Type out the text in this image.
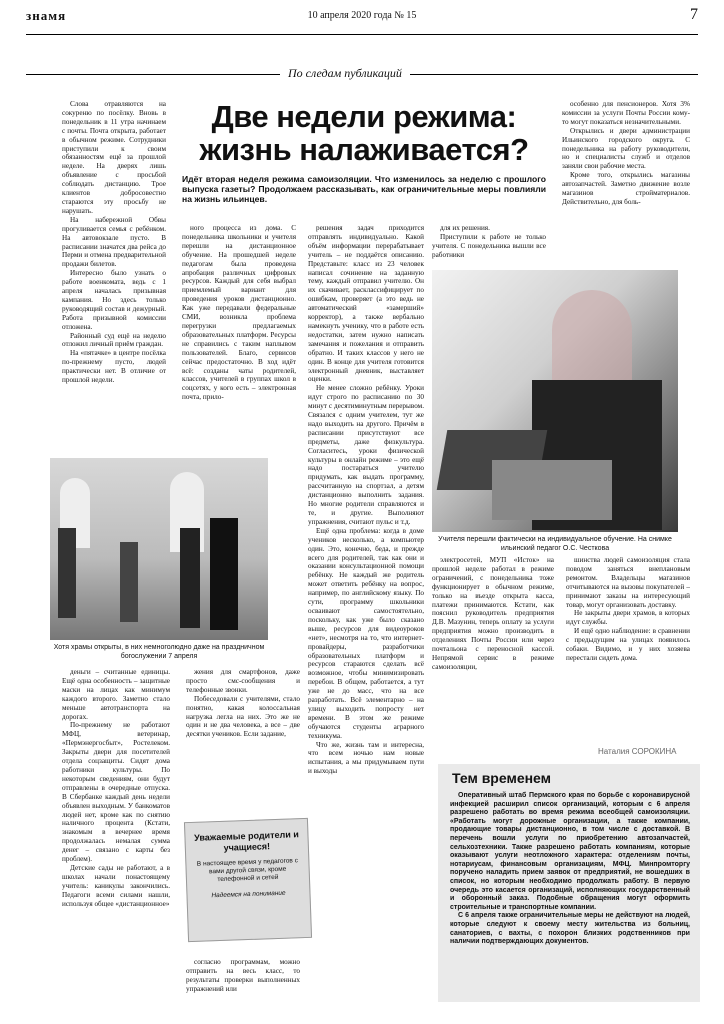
знамя	10 апреля 2020 года № 15	7
По следам публикаций
Две недели режима: жизнь налаживается?
Идёт вторая неделя режима самоизоляции. Что изменилось за неделю с прошлого выпуска газеты? Продолжаем рассказывать, как ограничительные меры повлияли на жизнь ильинцев.

Слова отравляются на сокуреню по посёлку. Вновь в понедельник в 11 утра начинаем с почты. Почта открыта, работает в обычном режиме. Сотрудники приступили к своим обязанностям ещё за прошлой неделе. На дверях лишь объявление с просьбой соблюдать дистанцию. Трое клиентов добросовестно стараются эту просьбу не нарушать.

На набережной Обвы прогуливается семья с ребёнком. На автовокзале пусто. В расписании значатся два рейса до Перми и отмена предварительной продажи билетов.

Интересно было узнать о работе военкомата, ведь с 1 апреля началась призывная кампания. Но здесь только руководящий состав и дежурный. Работа призывной комиссии отложена.

Районный суд ещё на неделю отложил личный приём граждан.

На «пятачке» в центре посёлка по-прежнему пусто, людей практически нет. В отличие от прошлой недели.

ного процесса из дома. С понедельника школьники и учителя перешли на дистанционное обучение. На прошедшей неделе педагогам была проведена апробация различных цифровых ресурсов. Каждый для себя выбрал приемлемый вариант для проведения уроков дистанционно. Как уже передавали федеральные СМИ, возникла проблема перегрузки предлагаемых образовательных платформ. Ресурсы не справились с таким наплывом пользователей. Благо, сервисов сейчас предостаточно. В ход идёт всё: созданы чаты родителей, классов, учителей в группах школ в соцсетях, у кого есть – электронная почта, прило-

решения задач приходится отправлять индивидуально. Какой объём информации перерабатывает учитель – не поддаётся описанию. Представьте: класс из 23 человек написал сочинение на заданную тему, каждый отправил учителю. Он их скачивает, расклассифицирует по ошибкам, проверяет (а это ведь не автоматический «замерший» корректор), а также вербально намекнуть ученику, что в работе есть недостатки, затем нужно написать замечания и пожелания и отправить обратно. И таких классов у него не один. В конце для учителя готовится электронный дневник, выставляет оценки.

Не менее сложно ребёнку. Уроки идут строго по расписанию по 30 минут с десятиминутным перерывом. Связался с одним учителем, тут же надо выходить на другого. Причём в расписании присутствуют все предметы, даже физкультура. Согласитесь, уроки физической культуры в онлайн режиме – это ещё надо постараться учителю придумать, как выдать программу, рассчитанную на спортзал, а детям дистанционно выполнить задания. Но многие родители справляются и те, и другие. Выполняют упражнения, считают пульс и т.д.

Ещё одна проблема: когда в доме учеников несколько, а компьютер один. Это, конечно, беда, и прежде всего для родителей, так как они и оказании консультационной помощи ребёнку. Не каждый же родитель может ответить ребёнку на вопрос, например, по английскому языку. По сути, программу школьники осваивают самостоятельно, поскольку, как уже было сказано выше, ресурсов для видеоуроков «нет», несмотря на то, что интернет-провайдеры, разработчики образовательных платформ и ресурсов стараются сделать всё возможное, чтобы минимизировать перебои. В общем, работается, а тут уже не до масс, что на все разработать. Всё элементарно – на улицу выходить попросту нет времени. В этом же режиме обучаются студенты аграрного техникума.

Что же, жизнь там и интересна, что всем ночью нам новые испытания, а мы придумываем пути и выходы

для их решения.

Приступили к работе не только учителя. С понедельника вышли все работники

особенно для пенсионеров. Хотя 3% комиссии за услуги Почты России кому-то могут показаться незначительными.

Открылись и двери администрации Ильинского городского округа. С понедельника на работу руководители, но и специалисты служб и отделов заняли свои рабочие места.

Кроме того, открылись магазины автозапчастей. Заметно движение возле магазинов стройматериалов. Действительно, для боль-

Учителя перешли фактически на индивидуальное обучение. На снимке ильинский педагог О.С. Честкова
Хотя храмы открыты, в них немноголюдно даже на праздничном богослужении 7 апреля

деньги – считанные единицы. Ещё одна особенность – защитные маски на лицах как минимум каждого второго. Заметно стало меньше автотранспорта на дорогах.

По-прежнему не работают МФЦ, ветеринар, «Пермэнергосбыт», Ростелеком. Закрыты двери для посетителей отдела соцзащиты. Сидят дома работники культуры. По некоторым сведениям, они будут отправлены в очередные отпуска. В Сбербанке каждый день недели объявлен выходным. У банкоматов людей нет, кроме как по снятию наличного процента (Кстати, знакомым в вечернее время продолжалась немалая сумма денег – связано с карты без проблем).

Детские сады не работают, а в школах начали понастоящему учитель: каникулы закончились. Педагоги всеми силами нашли, используя общее «дистанционное»

жения для смартфонов, даже просто смс-сообщения и телефонные звонки.

Побеседовали с учителями, стало понятно, какая колоссальная нагрузка легла на них. Это же не один и не два человека, а все – две десятки учеников. Если задание,

Уважаемые родители и учащиеся!
В настоящее время у педагогов с вами другой связи, кроме телефонной и сетей
Надеемся на понимание

согласно программам, можно отправить на весь класс, то результаты проверки выполненных упражнений или

электросетей, МУП «Исток» на прошлой неделе работал в режиме ограничений, с понедельника тоже функционирует в обычном режиме, только на въезде открыта касса, платежи принимаются. Кстати, как пояснил руководитель предприятия Д.В. Мазунин, теперь оплату за услуги предприятия можно производить в отделениях Почты России или через почтальона с переносной кассой. Непрямой сервис в режиме самоизоляции,

шинства людей самоизоляция стала поводом заняться внеплановым ремонтом. Владельцы магазинов отчитываются на вызовы покупателей – принимают заказы на интересующий товар, могут организовать доставку.

Не закрыты двери храмов, в которых идут службы.

И ещё одно наблюдение: в сравнении с предыдущим на улицах появилось собаки. Видимо, и у них хозяева перестали сидеть дома.

Наталия СОРОКИНА
Тем временем

Оперативный штаб Пермского края по борьбе с коронавирусной инфекцией расширил список организаций, которым с 6 апреля разрешено работать во время режима всеобщей самоизоляции. «Работать могут дорожные организации, а также компании, продающие товары дистанционно, в том числе с доставкой. В перечень вошли услуги по приобретению автозапчастей, сельхозтехники. Также разрешено работать компаниям, которые оказывают услуги неотложного характера: отделениям почты, нотариусам, финансовым организациям, МФЦ. Минпромторгу поручено наладить прием заявок от предприятий, не вошедших в список, но которым необходимо продолжать работу. В первую очередь это касается организаций, исполняющих государственный и оборонный заказ. Подобные обращения могут оформить строительные и транспортные компании.

С 6 апреля также ограничительные меры не действуют на людей, которые следуют к своему месту жительства из больниц, санаториев, с вахты, с похорон близких родственников при наличии подтверждающих документов.
